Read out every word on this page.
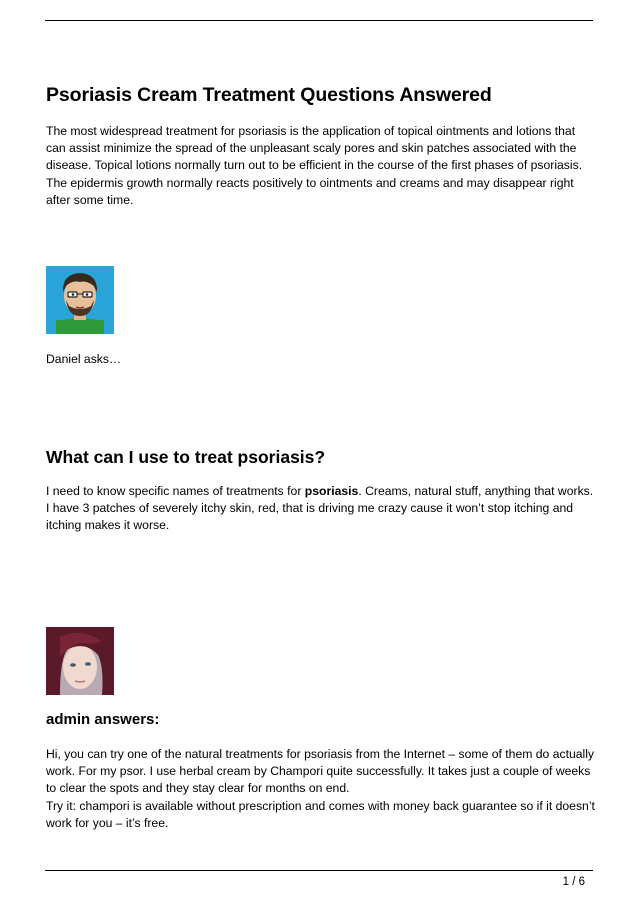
Psoriasis Cream Treatment Questions Answered

The most widespread treatment for psoriasis is the application of topical ointments and lotions that can assist minimize the spread of the unpleasant scaly pores and skin patches associated with the disease. Topical lotions normally turn out to be efficient in the course of the first phases of psoriasis. The epidermis growth normally reacts positively to ointments and creams and may disappear right after some time.

Daniel asks…
What can I use to treat psoriasis?

I need to know specific names of treatments for psoriasis. Creams, natural stuff, anything that works. I have 3 patches of severely itchy skin, red, that is driving me crazy cause it won’t stop itching and itching makes it worse.

admin answers:
Hi, you can try one of the natural treatments for psoriasis from the Internet – some of them do actually work. For my psor. I use herbal cream by Champori quite successfully. It takes just a couple of weeks to clear the spots and they stay clear for months on end.
Try it: champori is available without prescription and comes with money back guarantee so if it doesn’t work for you – it’s free.
1 / 6
